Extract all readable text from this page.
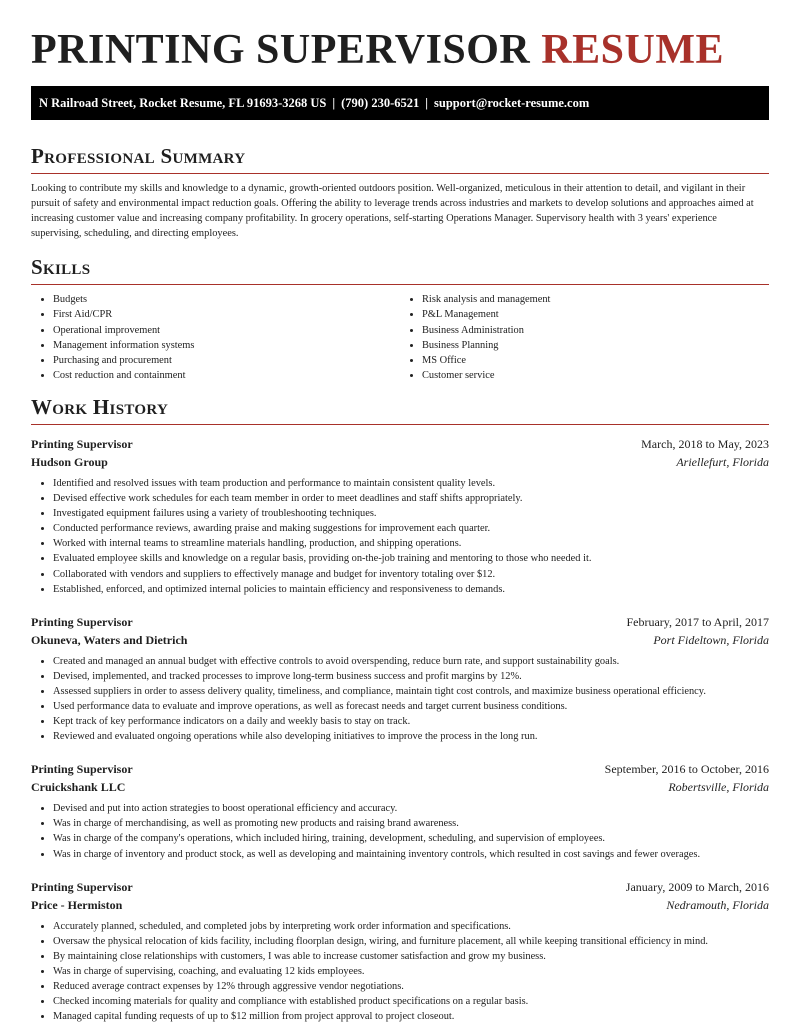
PRINTING SUPERVISOR RESUME
N Railroad Street, Rocket Resume, FL 91693-3268 US | (790) 230-6521 | support@rocket-resume.com
Professional Summary
Looking to contribute my skills and knowledge to a dynamic, growth-oriented outdoors position. Well-organized, meticulous in their attention to detail, and vigilant in their pursuit of safety and environmental impact reduction goals. Offering the ability to leverage trends across industries and markets to develop solutions and approaches aimed at increasing customer value and increasing company profitability. In grocery operations, self-starting Operations Manager. Supervisory health with 3 years' experience supervising, scheduling, and directing employees.
Skills
• Budgets
• First Aid/CPR
• Operational improvement
• Management information systems
• Purchasing and procurement
• Cost reduction and containment
• Risk analysis and management
• P&L Management
• Business Administration
• Business Planning
• MS Office
• Customer service
Work History
Printing Supervisor	March, 2018 to May, 2023
Hudson Group	Ariellefurt, Florida
• Identified and resolved issues with team production and performance to maintain consistent quality levels.
• Devised effective work schedules for each team member in order to meet deadlines and staff shifts appropriately.
• Investigated equipment failures using a variety of troubleshooting techniques.
• Conducted performance reviews, awarding praise and making suggestions for improvement each quarter.
• Worked with internal teams to streamline materials handling, production, and shipping operations.
• Evaluated employee skills and knowledge on a regular basis, providing on-the-job training and mentoring to those who needed it.
• Collaborated with vendors and suppliers to effectively manage and budget for inventory totaling over $12.
• Established, enforced, and optimized internal policies to maintain efficiency and responsiveness to demands.
Printing Supervisor	February, 2017 to April, 2017
Okuneva, Waters and Dietrich	Port Fideltown, Florida
• Created and managed an annual budget with effective controls to avoid overspending, reduce burn rate, and support sustainability goals.
• Devised, implemented, and tracked processes to improve long-term business success and profit margins by 12%.
• Assessed suppliers in order to assess delivery quality, timeliness, and compliance, maintain tight cost controls, and maximize business operational efficiency.
• Used performance data to evaluate and improve operations, as well as forecast needs and target current business conditions.
• Kept track of key performance indicators on a daily and weekly basis to stay on track.
• Reviewed and evaluated ongoing operations while also developing initiatives to improve the process in the long run.
Printing Supervisor	September, 2016 to October, 2016
Cruickshank LLC	Robertsville, Florida
• Devised and put into action strategies to boost operational efficiency and accuracy.
• Was in charge of merchandising, as well as promoting new products and raising brand awareness.
• Was in charge of the company's operations, which included hiring, training, development, scheduling, and supervision of employees.
• Was in charge of inventory and product stock, as well as developing and maintaining inventory controls, which resulted in cost savings and fewer overages.
Printing Supervisor	January, 2009 to March, 2016
Price - Hermiston	Nedramouth, Florida
• Accurately planned, scheduled, and completed jobs by interpreting work order information and specifications.
• Oversaw the physical relocation of kids facility, including floorplan design, wiring, and furniture placement, all while keeping transitional efficiency in mind.
• By maintaining close relationships with customers, I was able to increase customer satisfaction and grow my business.
• Was in charge of supervising, coaching, and evaluating 12 kids employees.
• Reduced average contract expenses by 12% through aggressive vendor negotiations.
• Checked incoming materials for quality and compliance with established product specifications on a regular basis.
• Managed capital funding requests of up to $12 million from project approval to project closeout.
